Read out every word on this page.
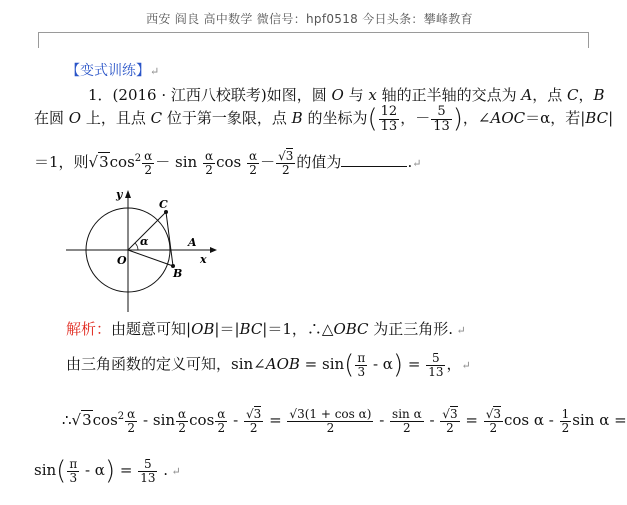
西安 阎良 高中数学 微信号：hpf0518 今日头条：攀峰教育
【变式训练】↵
1．(2016 · 江西八校联考)如图，圆 O 与 x 轴的正半轴的交点为 A，点 C，B
在圆 O 上，且点 C 位于第一象限，点 B 的坐标为( $\frac{12}{13}$ ，－ $\frac{5}{13}$ )，∠AOC＝α，若|BC|
＝1，则$√3\cos^2 \frac{\alpha}{2} - \sin \frac{\alpha}{2}$ $\cos \frac{\alpha}{2} - \frac{√3}{2}$ 的值为	.↵
y
x
O
A
B
C
α
解析：由题意可知|OB|＝|BC|＝1，∴△OBC 为正三角形. ↵
由三角函数的定义可知，sin∠AOB = $\sin( \frac{\pi}{3} - \alpha) = \frac{5}{13}$ ，↵
$\therefore√3\cos^2 \frac{\alpha}{2}$ - $\sin \frac{\alpha}{2}$ $\cos \frac{\alpha}{2} - \frac{√3}{2} = \frac{\text{√3(1 + cos α)}}{2} - \frac{\text{sin α}}{2} - \frac{√3}{2} = \frac{√3}{2}$ cos α - $\frac{1}{2}$ sin α =
$\sin( \frac{\pi}{3} - \alpha) = \frac{5}{13}$ . ↵
